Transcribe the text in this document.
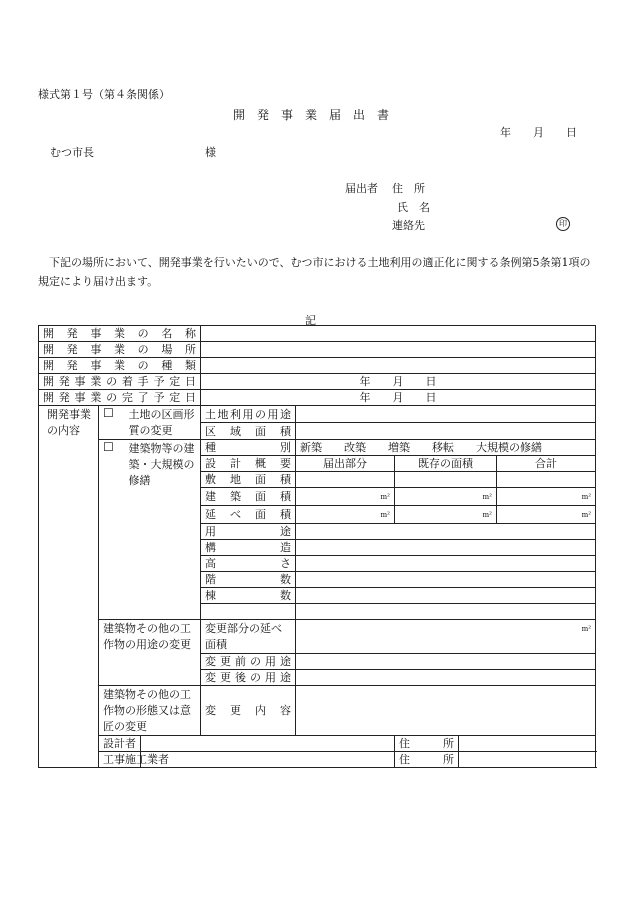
様式第１号（第４条関係）
開　発　事　業　届　出　書
年　　月　　日
むつ市長	様
届出者 住　所
氏　名
連絡先	印
下記の場所において、開発事業を行いたいので、むつ市における土地利用の適正化に関する条例第5条第1項の規定により届け出ます。
記
開発事業の名称								
開発事業の場所								
開発事業の種類								
開発事業の着手予定日				年　　月　　日				
開発事業の完了予定日				年　　月　　日				
開発事業の内容	☐	土地の区画形質の変更		土地利用の用途				
				区域面積				
	☐	建築物等の建築・大規模の修繕		種別	新築　　改築　　増築　　移転　　大規模の修繕			
				設計概要	届出部分	既存の面積		合計
				敷地面積				
				建築面積	m²	m²		m²
				延べ面積	m²	m²		m²
				用途				
				構造				
				高さ				
				階数				
				棟数				

	建築物その他の工作物の用途の変更			変更部分の延べ面積	m²			
				変更前の用途				
				変更後の用途				
	建築物その他の工作物の形態又は意匠の変更			変更内容				
	設計者					住所		
	工事施工業者					住所		
